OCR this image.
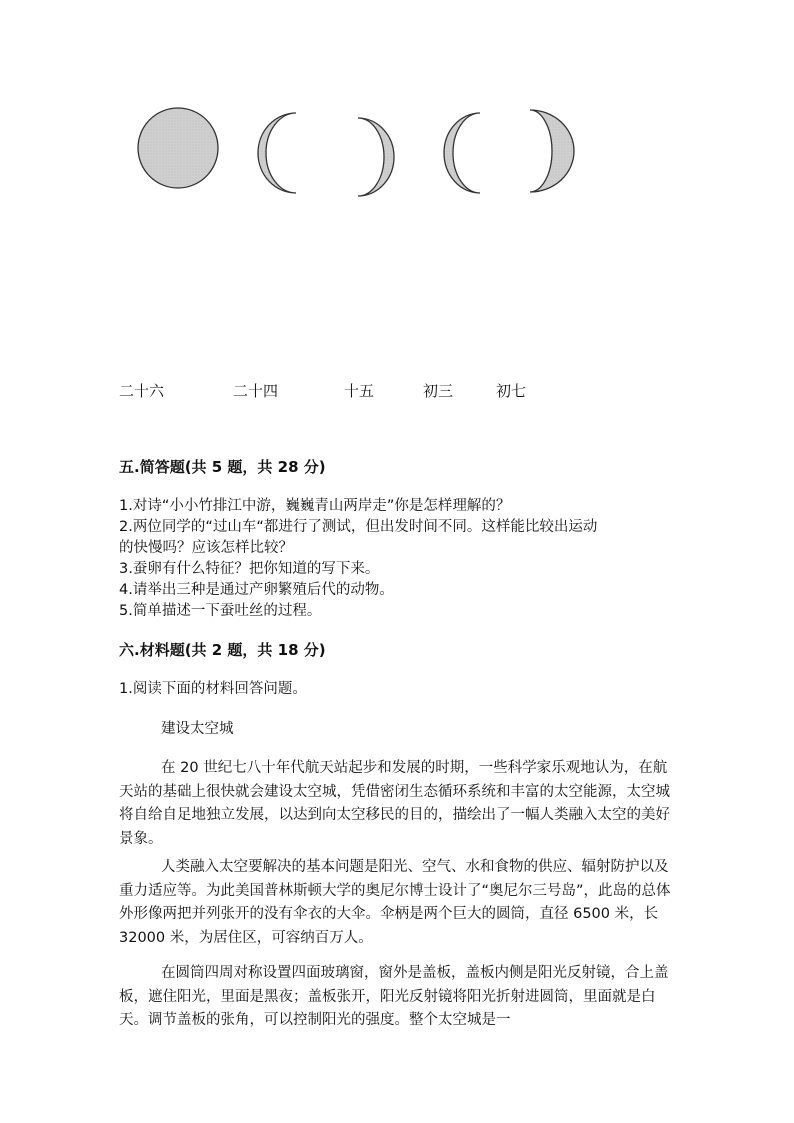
二十六	二十四	十五	初三	初七
五.简答题(共 5 题，共 28 分)
1.对诗“小小竹排江中游，巍巍青山两岸走”你是怎样理解的？
2.两位同学的“过山车“都进行了测试，但出发时间不同。这样能比较出运动
的快慢吗？应该怎样比较？
3.蚕卵有什么特征？把你知道的写下来。
4.请举出三种是通过产卵繁殖后代的动物。
5.简单描述一下蚕吐丝的过程。
六.材料题(共 2 题，共 18 分)
1.阅读下面的材料回答问题。
建设太空城

在 20 世纪七八十年代航天站起步和发展的时期，一些科学家乐观地认为，在航天站的基础上很快就会建设太空城，凭借密闭生态循环系统和丰富的太空能源，太空城将自给自足地独立发展，以达到向太空移民的目的，描绘出了一幅人类融入太空的美好景象。

人类融入太空要解决的基本问题是阳光、空气、水和食物的供应、辐射防护以及重力适应等。为此美国普林斯顿大学的奥尼尔博士设计了“奥尼尔三号岛”，此岛的总体外形像两把并列张开的没有伞衣的大伞。伞柄是两个巨大的圆筒，直径 6500 米，长 32000 米，为居住区，可容纳百万人。

在圆筒四周对称设置四面玻璃窗，窗外是盖板，盖板内侧是阳光反射镜，合上盖板，遮住阳光，里面是黑夜；盖板张开，阳光反射镜将阳光折射进圆筒，里面就是白天。调节盖板的张角，可以控制阳光的强度。整个太空城是一
